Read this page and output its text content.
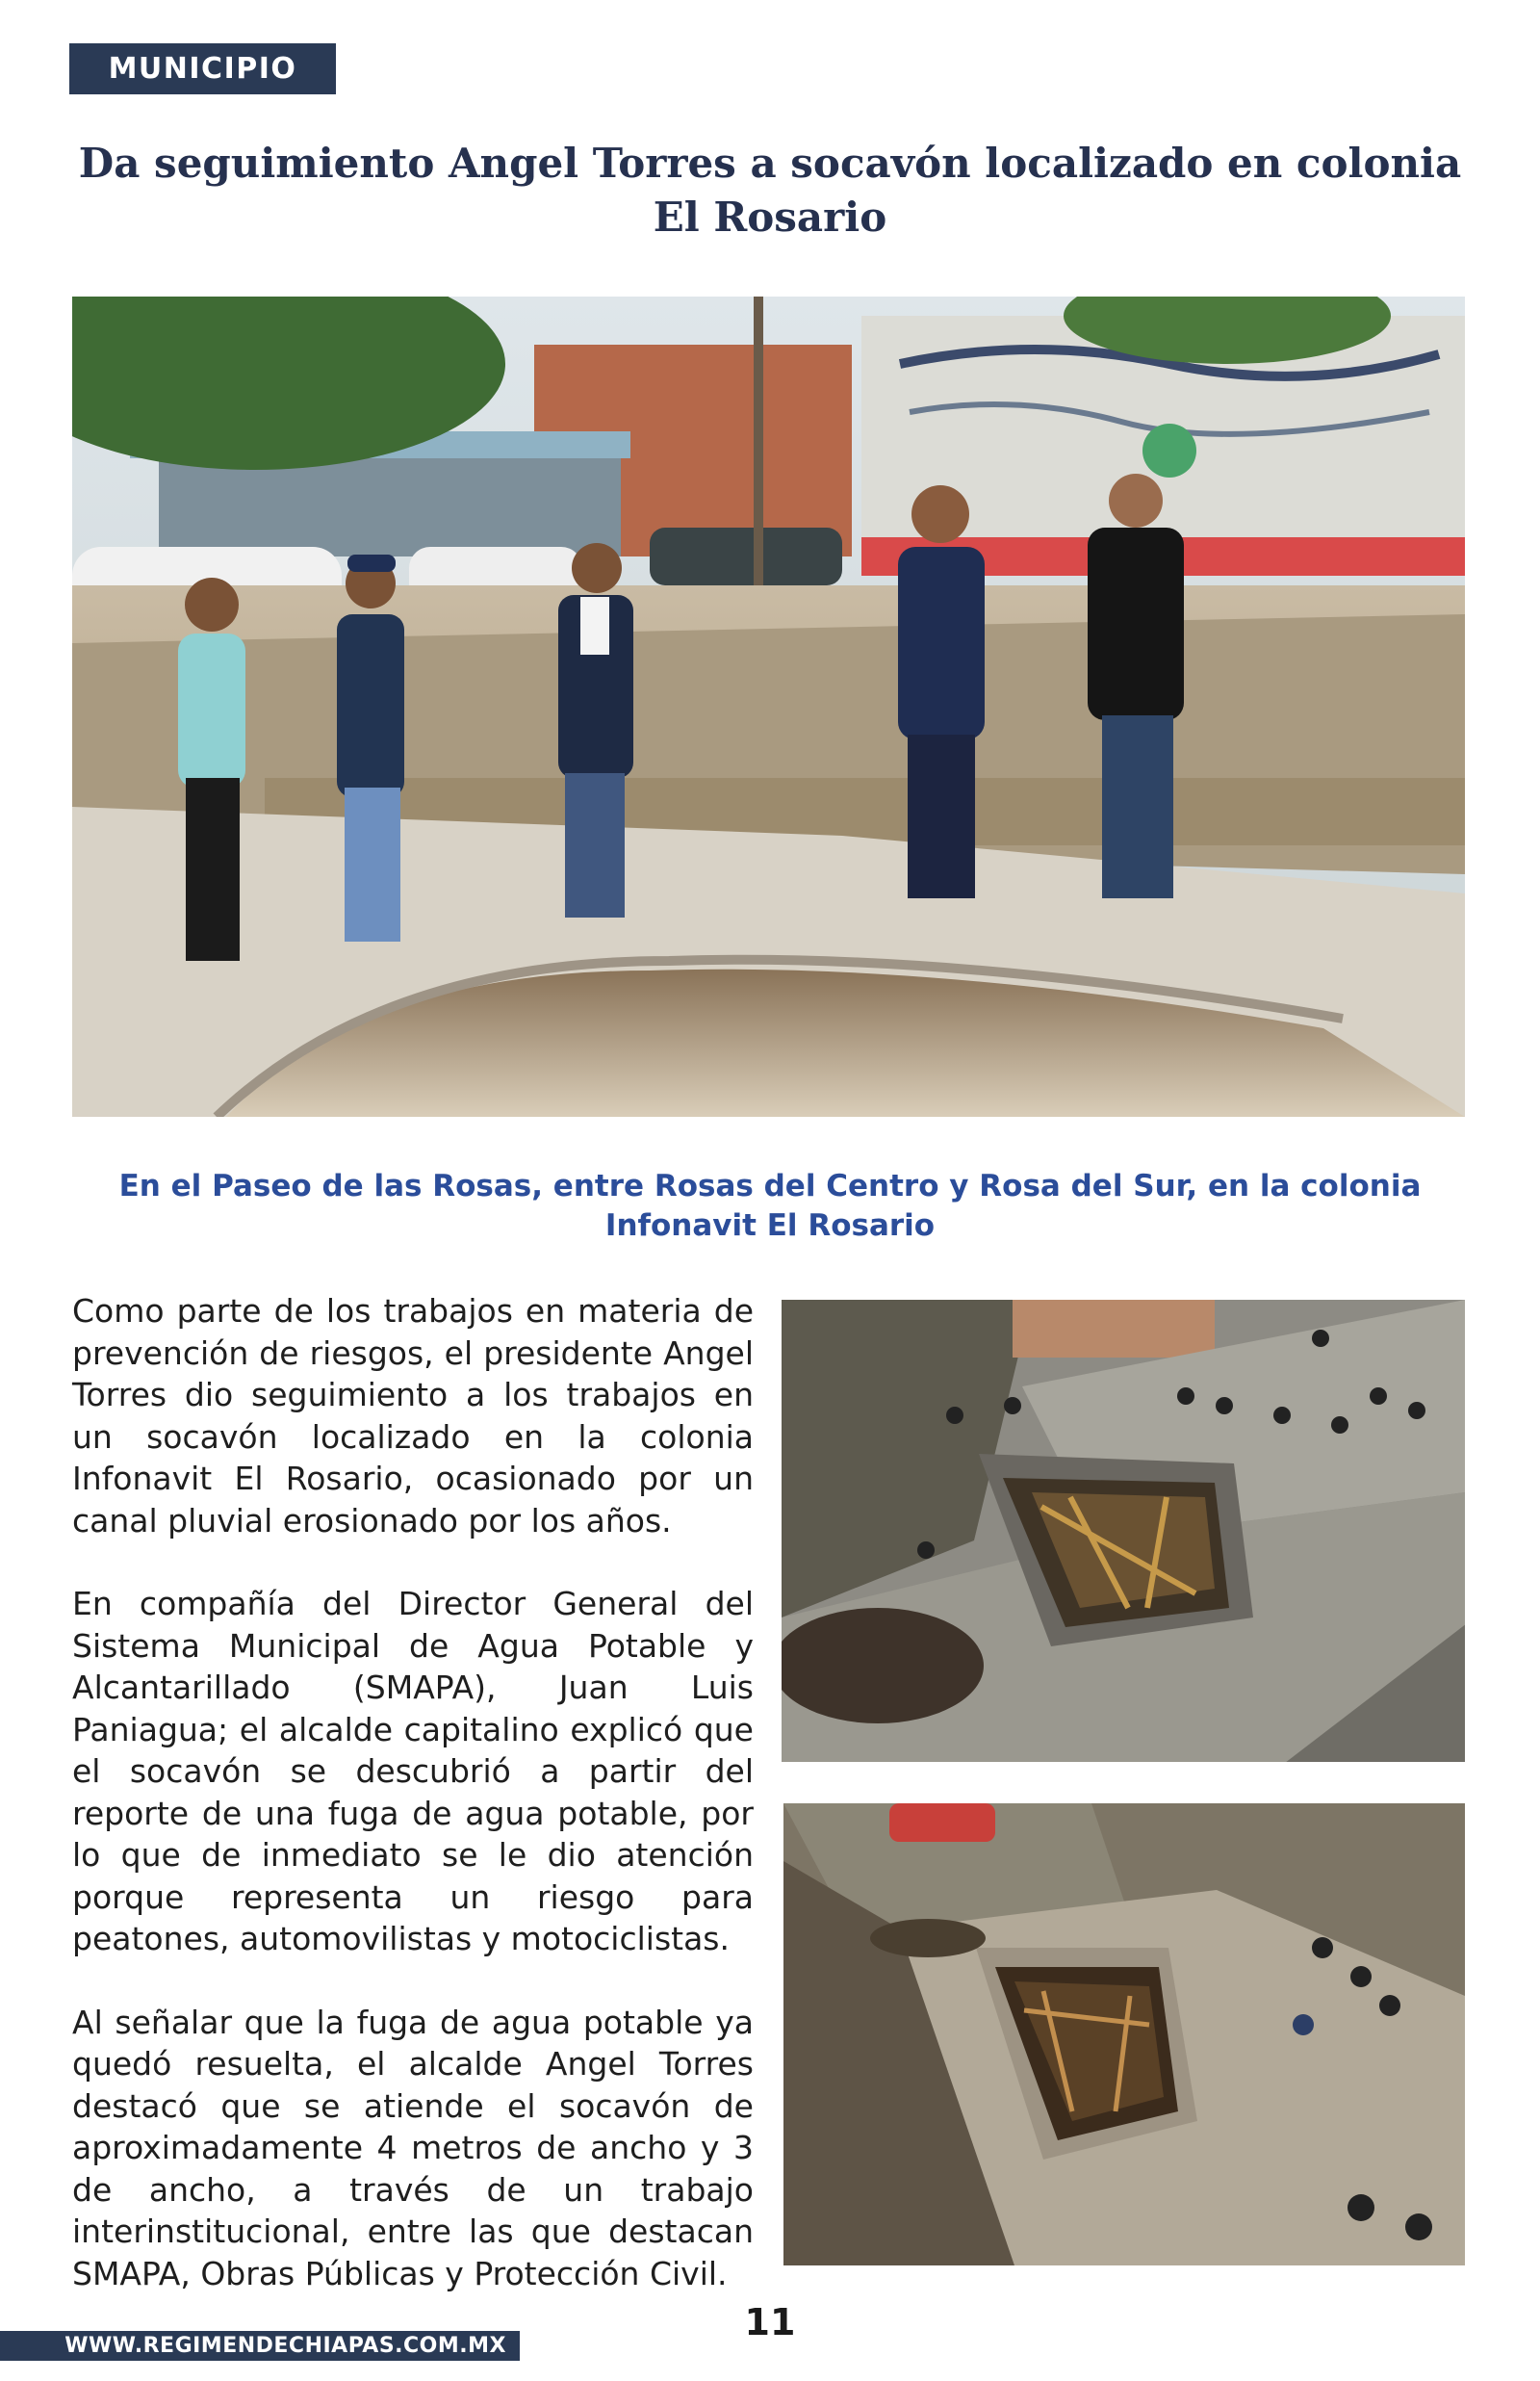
MUNICIPIO
Da seguimiento Angel Torres a socavón localizado en colonia El Rosario

En el Paseo de las Rosas, entre Rosas del Centro y Rosa del Sur, en la colonia Infonavit El Rosario

Como parte de los trabajos en materia de prevención de riesgos, el presidente Angel Torres dio seguimiento a los trabajos en un socavón localizado en la colonia Infonavit El Rosario, ocasionado por un canal pluvial erosionado por los años.

En compañía del Director General del Sistema Municipal de Agua Potable y Alcantarillado (SMAPA), Juan Luis Paniagua; el alcalde capitalino explicó que el socavón se descubrió a partir del reporte de una fuga de agua potable, por lo que de inmediato se le dio atención porque representa un riesgo para peatones, automovilistas y motociclistas.

Al señalar que la fuga de agua potable ya quedó resuelta, el alcalde Angel Torres destacó que se atiende el socavón de aproximadamente 4 metros de ancho y 3 de ancho, a través de un trabajo interinstitucional, entre las que destacan SMAPA, Obras Públicas y Protección Civil.

11
WWW.REGIMENDECHIAPAS.COM.MX
